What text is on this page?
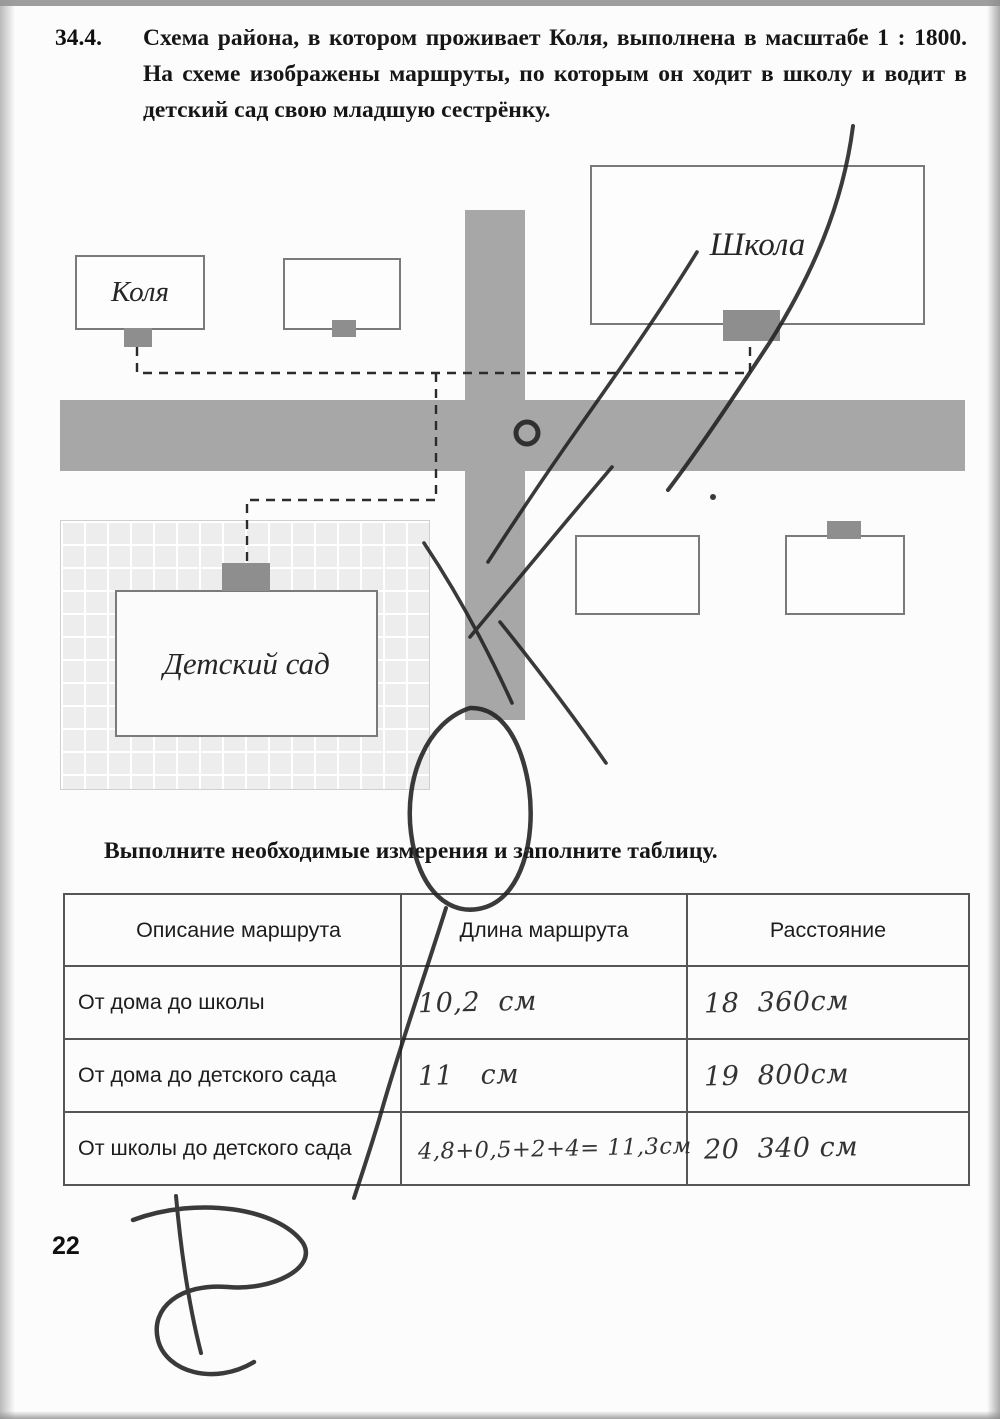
34.4. Схема района, в котором проживает Коля, выполнена в масштабе 1 : 1800. На схеме изображены маршруты, по которым он ходит в школу и водит в детский сад свою младшую сестрёнку.
Коля
Школа
Детский сад
Выполните необходимые измерения и заполните таблицу.
Описание маршрута	Длина маршрута	Расстояние
От дома до школы	10,2  см	18  360см
От дома до детского сада	11   см	19  800см
От школы до детского сада	4,8+0,5+2+4= 11,3см	20  340 см
22
